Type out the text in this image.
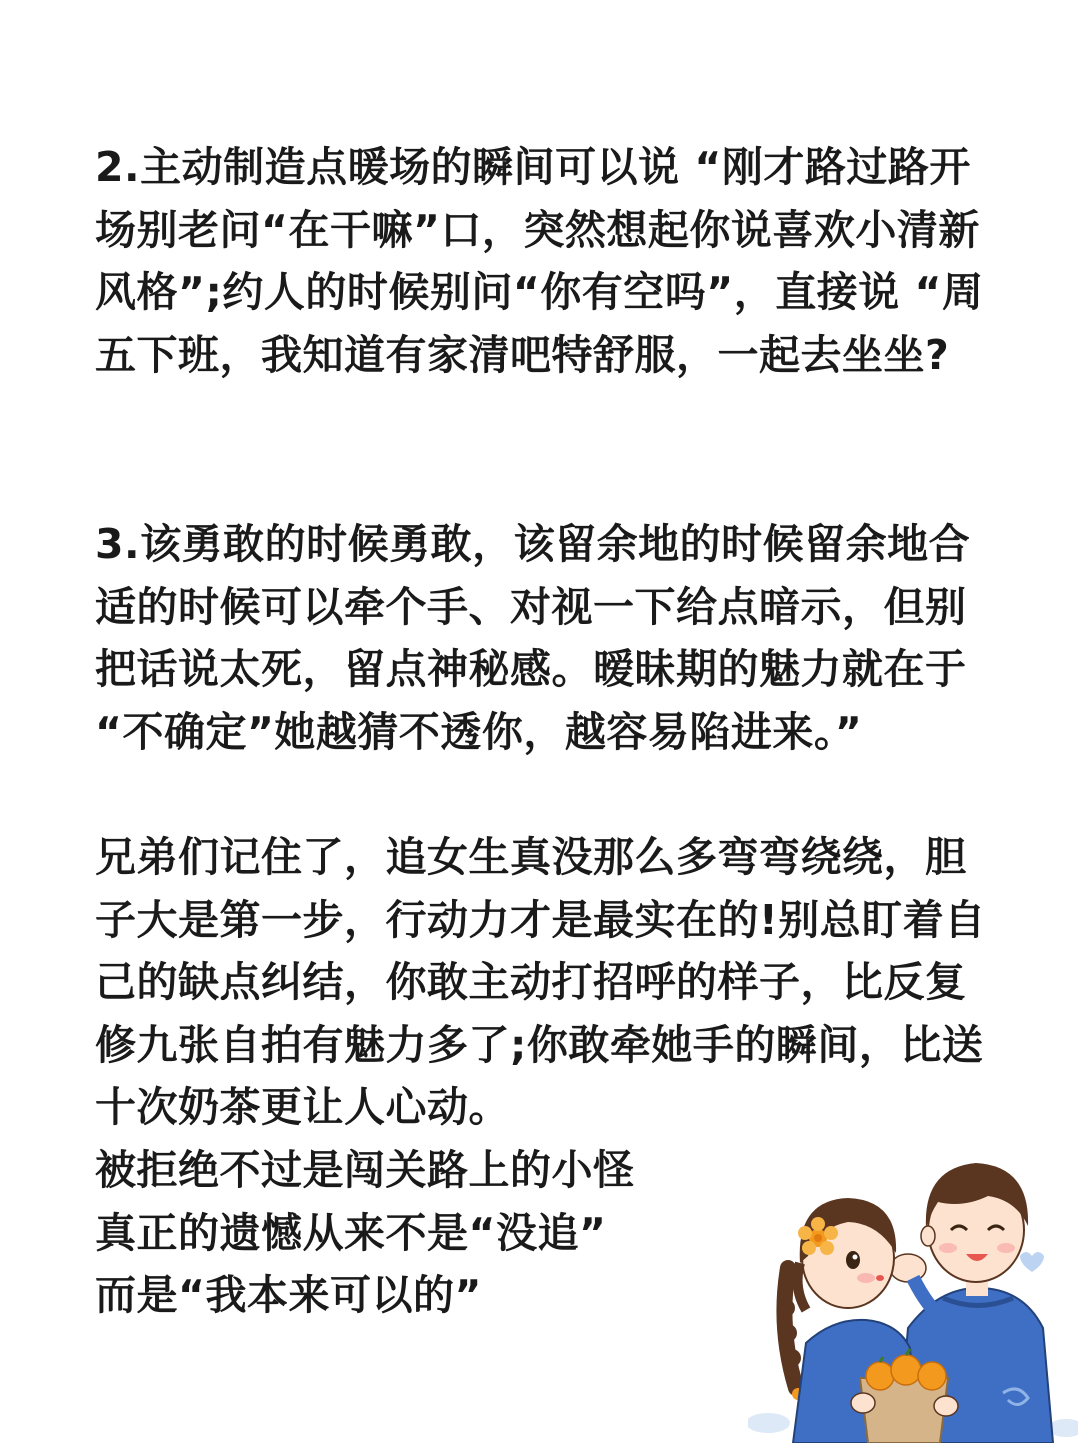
2.主动制造点暖场的瞬间可以说 “刚才路过路开场别老问“在干嘛”口，突然想起你说喜欢小清新风格”;约人的时候别问“你有空吗”，直接说 “周五下班，我知道有家清吧特舒服，一起去坐坐?

3.该勇敢的时候勇敢，该留余地的时候留余地合适的时候可以牵个手、对视一下给点暗示，但别把话说太死，留点神秘感。暧昧期的魅力就在于 “不确定”她越猜不透你，越容易陷进来。”

兄弟们记住了，追女生真没那么多弯弯绕绕，胆子大是第一步，行动力才是最实在的!别总盯着自己的缺点纠结，你敢主动打招呼的样子，比反复修九张自拍有魅力多了;你敢牵她手的瞬间，比送十次奶茶更让人心动。

被拒绝不过是闯关路上的小怪
真正的遗憾从来不是“没追”
而是“我本来可以的”
